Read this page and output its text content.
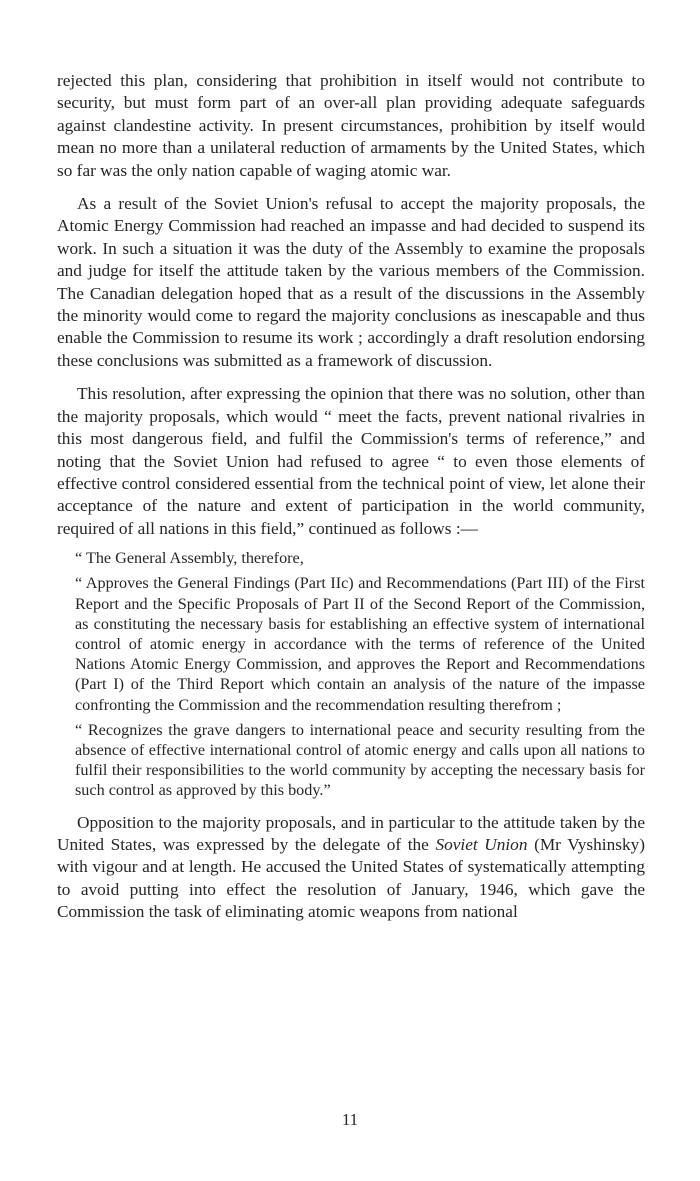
rejected this plan, considering that prohibition in itself would not contribute to security, but must form part of an over-all plan providing adequate safeguards against clandestine activity. In present circumstances, prohibition by itself would mean no more than a unilateral reduction of armaments by the United States, which so far was the only nation capable of waging atomic war.

As a result of the Soviet Union's refusal to accept the majority proposals, the Atomic Energy Commission had reached an impasse and had decided to suspend its work. In such a situation it was the duty of the Assembly to examine the proposals and judge for itself the attitude taken by the various members of the Commission. The Canadian delegation hoped that as a result of the discussions in the Assembly the minority would come to regard the majority conclusions as inescapable and thus enable the Commission to resume its work ; accordingly a draft resolution endorsing these conclusions was submitted as a framework of discussion.

This resolution, after expressing the opinion that there was no solution, other than the majority proposals, which would “ meet the facts, prevent national rivalries in this most dangerous field, and fulfil the Commission's terms of reference,” and noting that the Soviet Union had refused to agree “ to even those elements of effective control considered essential from the technical point of view, let alone their acceptance of the nature and extent of participation in the world community, required of all nations in this field,” continued as follows :—

“ The General Assembly, therefore,

“ Approves the General Findings (Part IIc) and Recommendations (Part III) of the First Report and the Specific Proposals of Part II of the Second Report of the Commission, as constituting the necessary basis for establishing an effective system of international control of atomic energy in accordance with the terms of reference of the United Nations Atomic Energy Commission, and approves the Report and Recommendations (Part I) of the Third Report which contain an analysis of the nature of the impasse confronting the Commission and the recommendation resulting therefrom ;

“ Recognizes the grave dangers to international peace and security resulting from the absence of effective international control of atomic energy and calls upon all nations to fulfil their responsibilities to the world community by accepting the necessary basis for such control as approved by this body.”

Opposition to the majority proposals, and in particular to the attitude taken by the United States, was expressed by the delegate of the Soviet Union (Mr Vyshinsky) with vigour and at length. He accused the United States of systematically attempting to avoid putting into effect the resolution of January, 1946, which gave the Commission the task of eliminating atomic weapons from national

11
